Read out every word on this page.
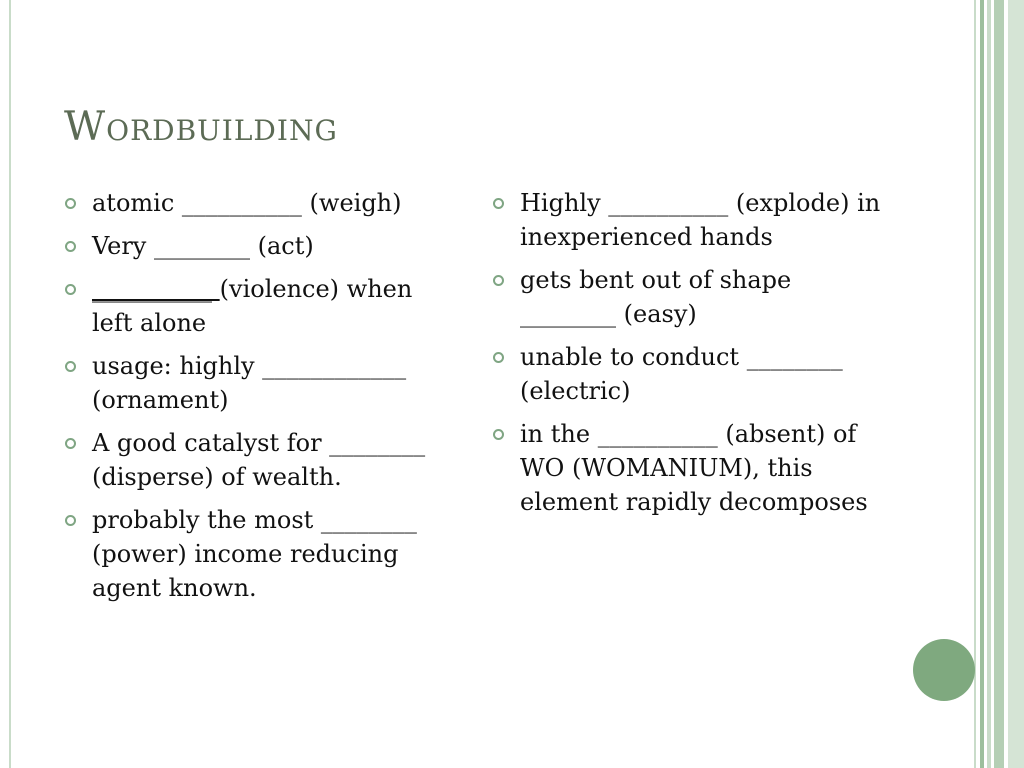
Wordbuilding
atomic __________ (weigh)
Very ________ (act)
__________ (violence) when left alone
usage: highly ____________ (ornament)
A good catalyst for ________ (disperse) of wealth.
probably the most ________ (power) income reducing agent known.
Highly __________ (explode) in inexperienced hands
gets bent out of shape ________ (easy)
unable to conduct ________ (electric)
in the __________ (absent) of WO (WOMANIUM), this element rapidly decomposes
